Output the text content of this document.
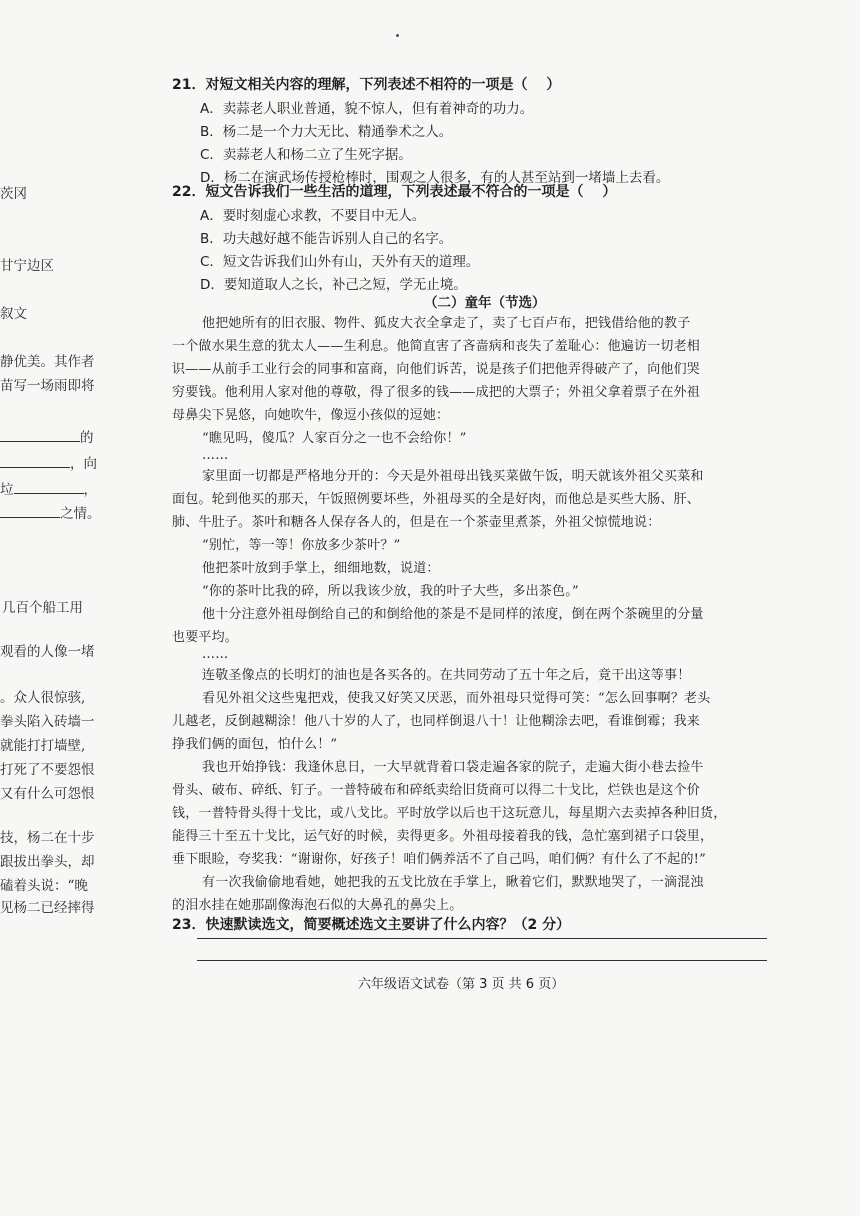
茨冈
甘宁边区
叙文
静优美。其作者
苗写一场雨即将
的
，向
垃	，
之情。
几百个船工用
观看的人像一堵
。众人很惊骇,
拳头陷入砖墙一
就能打打墙壁,
打死了不要怨恨
又有什么可怨恨
技，杨二在十步
跟拔出拳头，却
磕着头说：“晚
见杨二已经摔得
21．对短文相关内容的理解，下列表述不相符的一项是（　 ）
A．卖蒜老人职业普通，貌不惊人，但有着神奇的功力。
B．杨二是一个力大无比、精通拳术之人。
C．卖蒜老人和杨二立了生死字据。
D．杨二在演武场传授枪棒时，围观之人很多，有的人甚至站到一堵墙上去看。
22．短文告诉我们一些生活的道理，下列表述最不符合的一项是（　 ）
A．要时刻虚心求教，不要目中无人。
B．功夫越好越不能告诉别人自己的名字。
C．短文告诉我们山外有山，天外有天的道理。
D．要知道取人之长，补己之短，学无止境。
（二）童年（节选）
他把她所有的旧衣服、物件、狐皮大衣全拿走了，卖了七百卢布，把钱借给他的教子
一个做水果生意的犹太人——生利息。他简直害了吝啬病和丧失了羞耻心：他遍访一切老相
识——从前手工业行会的同事和富商，向他们诉苦，说是孩子们把他弄得破产了，向他们哭
穷要钱。他利用人家对他的尊敬，得了很多的钱——成把的大票子；外祖父拿着票子在外祖
母鼻尖下晃悠，向她吹牛，像逗小孩似的逗她：
“瞧见吗，傻瓜？人家百分之一也不会给你！”
……
家里面一切都是严格地分开的：今天是外祖母出钱买菜做午饭，明天就该外祖父买菜和
面包。轮到他买的那天，午饭照例要坏些，外祖母买的全是好肉，而他总是买些大肠、肝、
肺、牛肚子。茶叶和糖各人保存各人的，但是在一个茶壶里煮茶，外祖父惊慌地说：
“别忙，等一等！你放多少茶叶？”
他把茶叶放到手掌上，细细地数，说道：
“你的茶叶比我的碎，所以我该少放，我的叶子大些，多出茶色。”
他十分注意外祖母倒给自己的和倒给他的茶是不是同样的浓度，倒在两个茶碗里的分量
也要平均。
……
连敬圣像点的长明灯的油也是各买各的。在共同劳动了五十年之后，竟干出这等事！
看见外祖父这些鬼把戏，使我又好笑又厌恶，而外祖母只觉得可笑：“怎么回事啊？老头
儿越老，反倒越糊涂！他八十岁的人了，也同样倒退八十！让他糊涂去吧，看谁倒霉；我来
挣我们俩的面包，怕什么！”
我也开始挣钱：我逢休息日，一大早就背着口袋走遍各家的院子，走遍大街小巷去捡牛
骨头、破布、碎纸、钉子。一普特破布和碎纸卖给旧货商可以得二十戈比，烂铁也是这个价
钱，一普特骨头得十戈比，或八戈比。平时放学以后也干这玩意儿，每星期六去卖掉各种旧货，
能得三十至五十戈比，运气好的时候，卖得更多。外祖母接着我的钱，急忙塞到裙子口袋里，
垂下眼睑，夸奖我：“谢谢你，好孩子！咱们俩养活不了自己吗，咱们俩？有什么了不起的!”
有一次我偷偷地看她，她把我的五戈比放在手掌上，瞅着它们，默默地哭了，一滴混浊
的泪水挂在她那副像海泡石似的大鼻孔的鼻尖上。
23．快速默读选文，简要概述选文主要讲了什么内容？（2 分）
六年级语文试卷（第 3 页 共 6 页）
